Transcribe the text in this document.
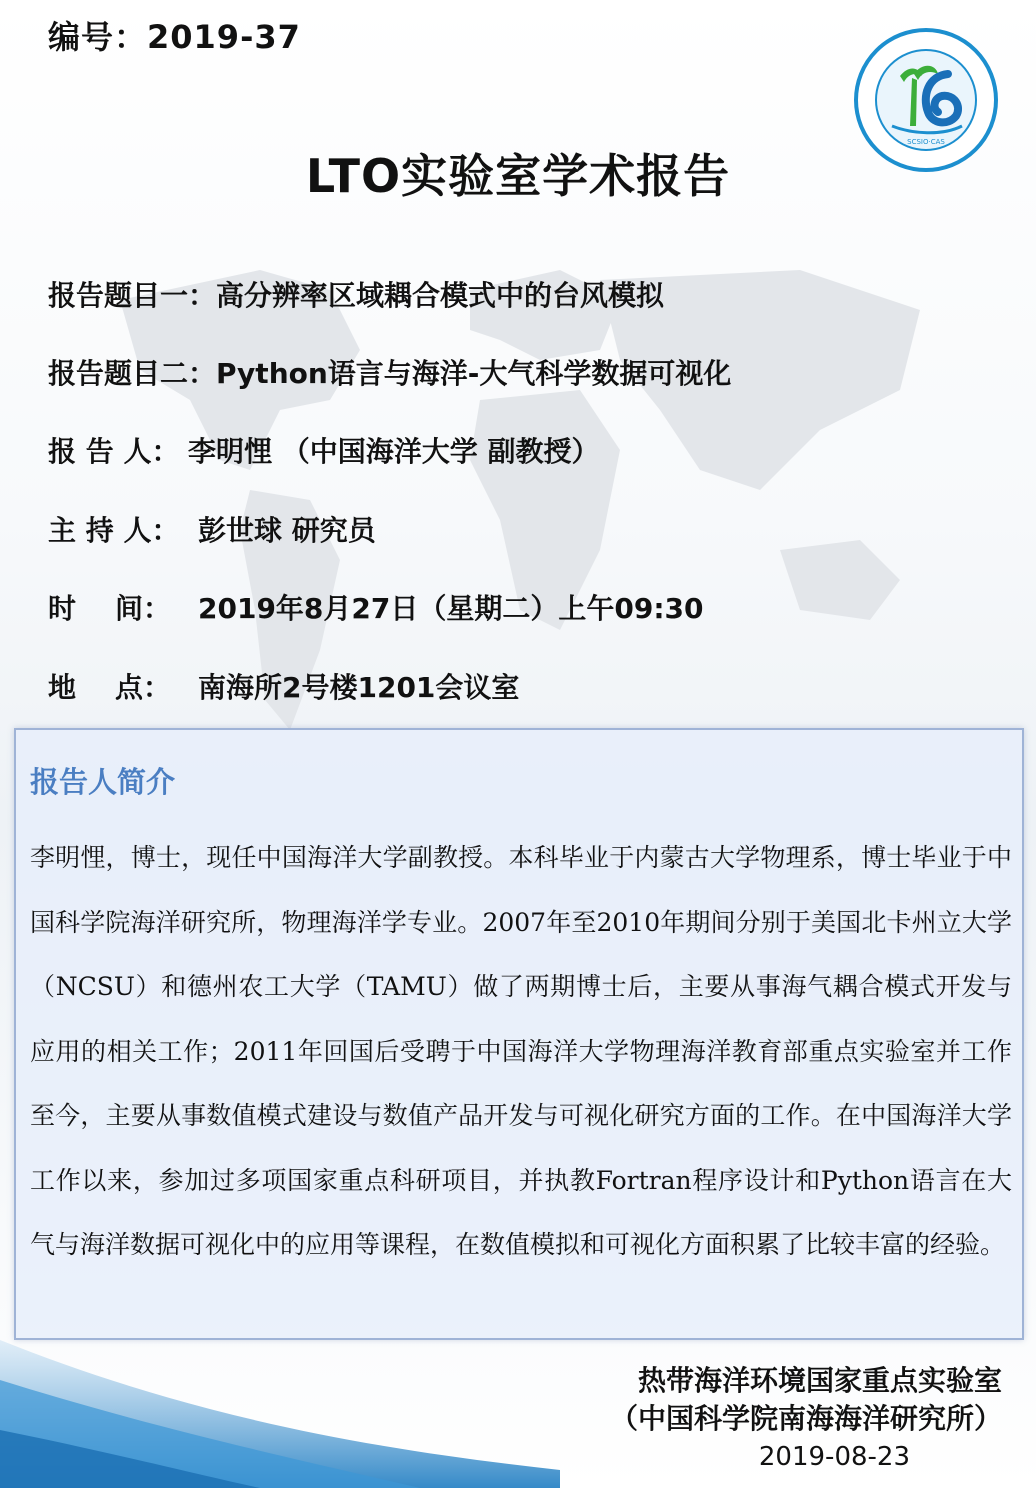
编号：2019-37
SCSIO·CAS
LTO实验室学术报告
报告题目一：高分辨率区域耦合模式中的台风模拟
报告题目二：Python语言与海洋-大气科学数据可视化
报 告 人： 李明悝 （中国海洋大学 副教授）
主 持 人： 彭世球 研究员
时    间： 2019年8月27日（星期二）上午09:30
地    点： 南海所2号楼1201会议室
报告人简介
李明悝，博士，现任中国海洋大学副教授。本科毕业于内蒙古大学物理系，博士毕业于中国科学院海洋研究所，物理海洋学专业。2007年至2010年期间分别于美国北卡州立大学（NCSU）和德州农工大学（TAMU）做了两期博士后，主要从事海气耦合模式开发与应用的相关工作；2011年回国后受聘于中国海洋大学物理海洋教育部重点实验室并工作至今，主要从事数值模式建设与数值产品开发与可视化研究方面的工作。在中国海洋大学工作以来，参加过多项国家重点科研项目，并执教Fortran程序设计和Python语言在大气与海洋数据可视化中的应用等课程，在数值模拟和可视化方面积累了比较丰富的经验。
热带海洋环境国家重点实验室
（中国科学院南海海洋研究所）
2019-08-23
